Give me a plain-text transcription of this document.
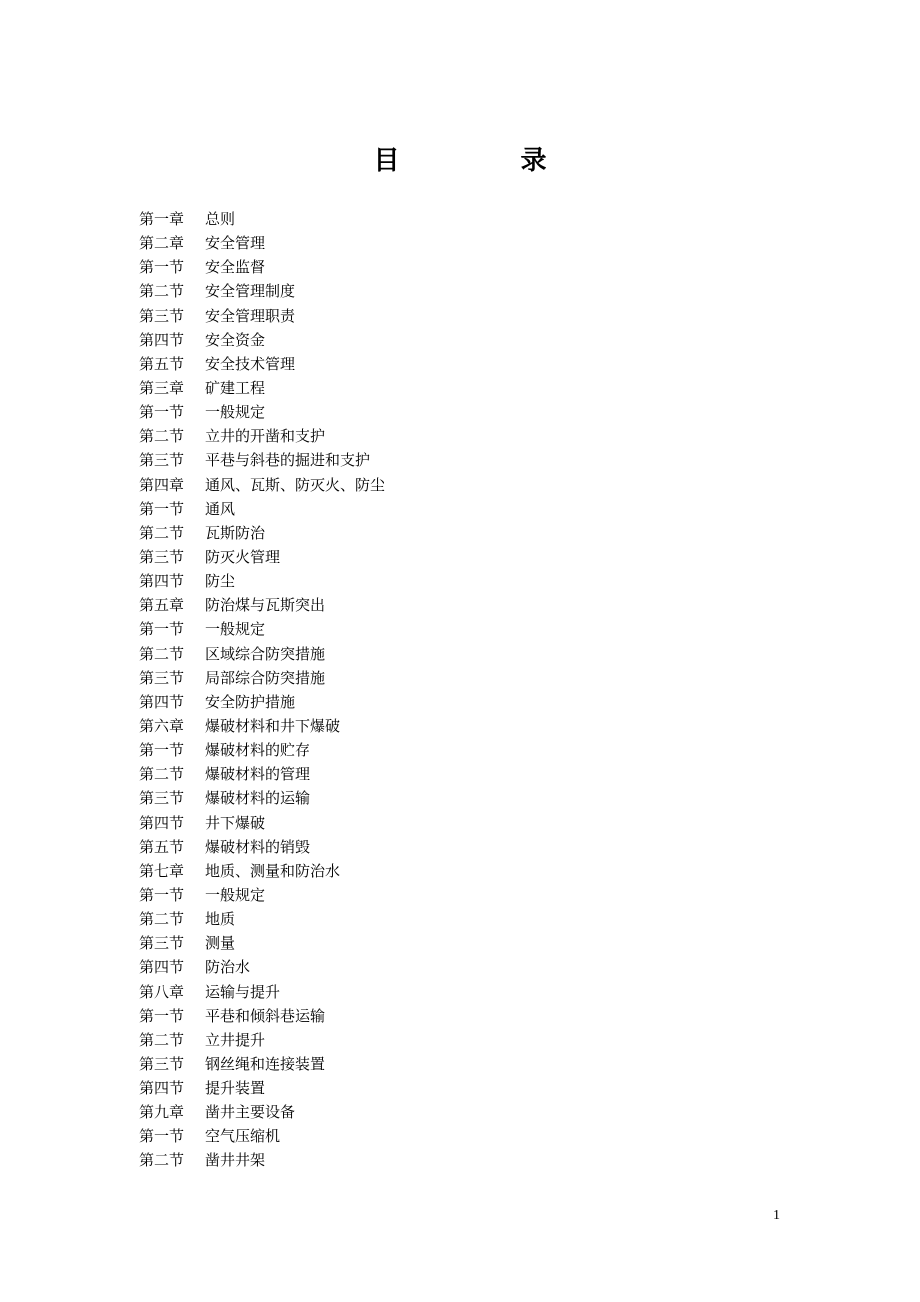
目 录
第一章	总则
第二章	安全管理
第一节	安全监督
第二节	安全管理制度
第三节	安全管理职责
第四节	安全资金
第五节	安全技术管理
第三章	矿建工程
第一节	一般规定
第二节	立井的开凿和支护
第三节	平巷与斜巷的掘进和支护
第四章	通风、瓦斯、防灭火、防尘
第一节	通风
第二节	瓦斯防治
第三节	防灭火管理
第四节	防尘
第五章	防治煤与瓦斯突出
第一节	一般规定
第二节	区域综合防突措施
第三节	局部综合防突措施
第四节	安全防护措施
第六章	爆破材料和井下爆破
第一节	爆破材料的贮存
第二节	爆破材料的管理
第三节	爆破材料的运输
第四节	井下爆破
第五节	爆破材料的销毁
第七章	地质、测量和防治水
第一节	一般规定
第二节	地质
第三节	测量
第四节	防治水
第八章	运输与提升
第一节	平巷和倾斜巷运输
第二节	立井提升
第三节	钢丝绳和连接装置
第四节	提升装置
第九章	凿井主要设备
第一节	空气压缩机
第二节	凿井井架
1
